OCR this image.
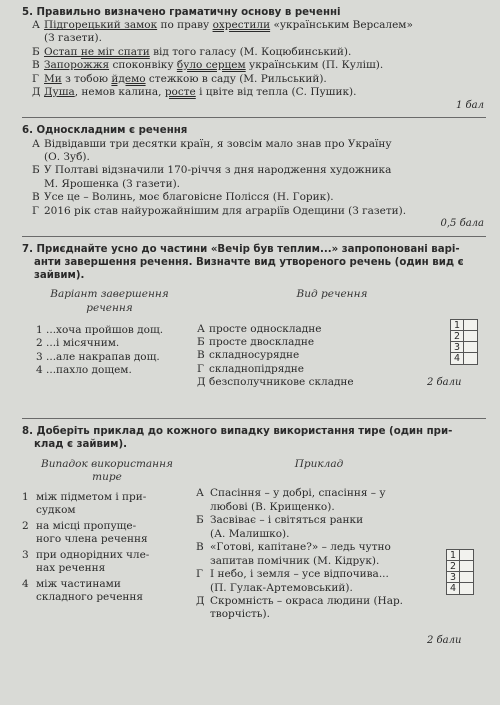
5. Правильно визначено граматичну основу в реченні
А Підгорецький замок по праву охрестили «українським Версалем»
(З газети).
Б Остап не міг спати від того галасу (М. Коцюбинський).
В Запорожжя споконвіку було серцем українським (П. Куліш).
Г Ми з тобою йдемо стежкою в саду (М. Рильський).
Д Душа, немов калина, росте і цвіте від тепла (С. Пушик).
1 бал
6. Односкладним є речення
А Відвідавши три десятки країн, я зовсім мало знав про Україну
(О. Зуб).
Б У Полтаві відзначили 170-річчя з дня народження художника
М. Ярошенка (З газети).
В Усе це – Волинь, моє благовісне Полісся (Н. Горик).
Г 2016 рік став найурожайнішим для аграріїв Одещини (З газети).
0,5 бала
7. Приєднайте усно до частини «Вечір був теплим...» запропоновані варі-
анти завершення речення. Визначте вид утвореного речень (один вид є
зайвим).
Варіант завершення
речення
1 ...хоча пройшов дощ.
2 ...і місячним.
3 ...але накрапав дощ.
4 ...пахло дощем.
Вид речення
А просте односкладне
Б просте двоскладне
В складносурядне
Г складнопідрядне
Д безсполучникове складне
1
2
3
4
2 бали
8. Доберіть приклад до кожного випадку використання тире (один при-
клад є зайвим).
Випадок використання
тире
1 між підметом і при-
судком
2 на місці пропуще-
ного члена речення
3 при однорідних чле-
нах речення
4 між частинами
складного речення
Приклад
А Спасіння – у добрі, спасіння – у
любові (В. Крищенко).
Б Засвіває – і світяться ранки
(А. Малишко).
В «Готові, капітане?» – ледь чутно
запитав помічник (М. Кідрук).
Г І небо, і земля – усе відпочива...
(П. Гулак-Артемовський).
Д Скромність – окраса людини (Нар.
творчість).
1
2
3
4
2 бали
